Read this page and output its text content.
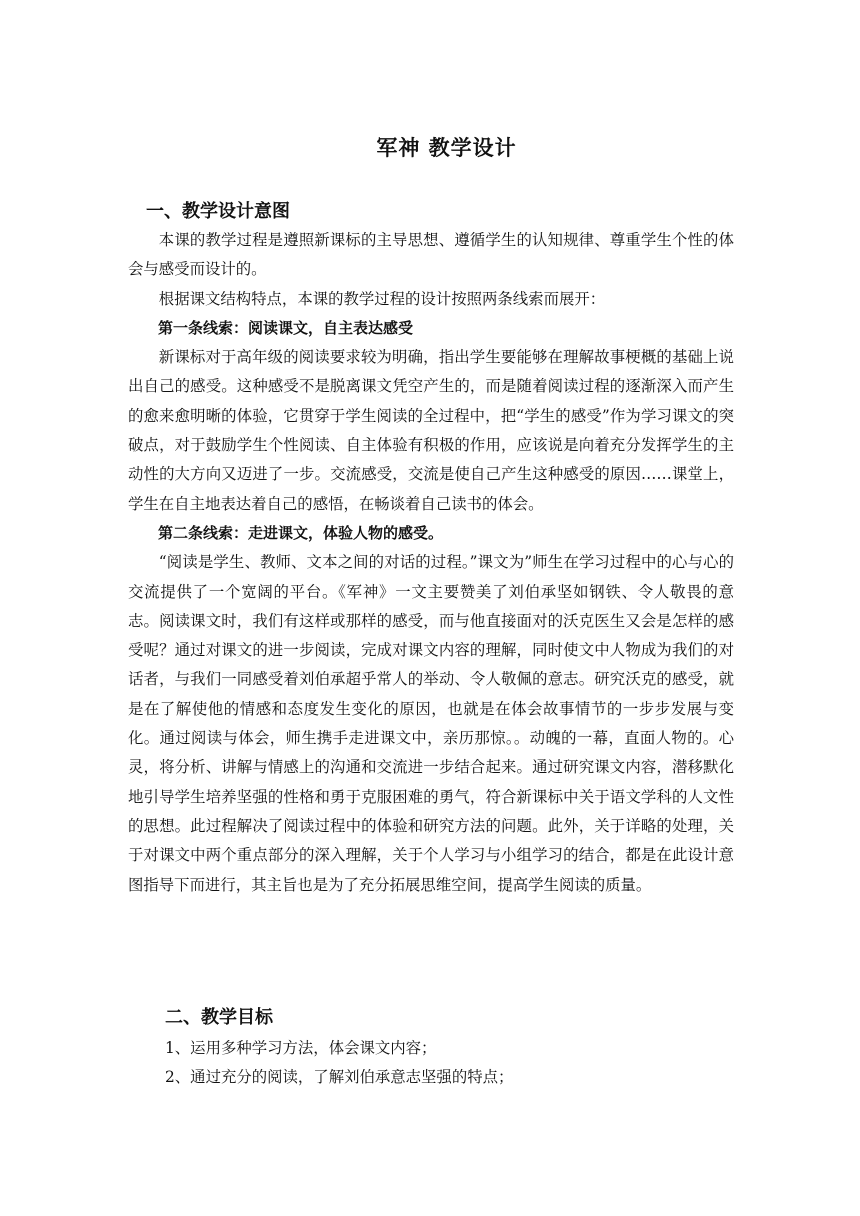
军神 教学设计
一、教学设计意图

本课的教学过程是遵照新课标的主导思想、遵循学生的认知规律、尊重学生个性的体会与感受而设计的。

根据课文结构特点，本课的教学过程的设计按照两条线索而展开：

第一条线索：阅读课文，自主表达感受

新课标对于高年级的阅读要求较为明确，指出学生要能够在理解故事梗概的基础上说出自己的感受。这种感受不是脱离课文凭空产生的，而是随着阅读过程的逐渐深入而产生的愈来愈明晰的体验，它贯穿于学生阅读的全过程中，把“学生的感受”作为学习课文的突破点，对于鼓励学生个性阅读、自主体验有积极的作用，应该说是向着充分发挥学生的主动性的大方向又迈进了一步。交流感受，交流是使自己产生这种感受的原因……课堂上，学生在自主地表达着自己的感悟，在畅谈着自己读书的体会。

第二条线索：走进课文，体验人物的感受。

“阅读是学生、教师、文本之间的对话的过程。”课文为”师生在学习过程中的心与心的交流提供了一个宽阔的平台。《军神》一文主要赞美了刘伯承坚如钢铁、令人敬畏的意志。阅读课文时，我们有这样或那样的感受，而与他直接面对的沃克医生又会是怎样的感受呢？通过对课文的进一步阅读，完成对课文内容的理解，同时使文中人物成为我们的对话者，与我们一同感受着刘伯承超乎常人的举动、令人敬佩的意志。研究沃克的感受，就是在了解使他的情感和态度发生变化的原因，也就是在体会故事情节的一步步发展与变化。通过阅读与体会，师生携手走进课文中，亲历那惊。。动魄的一幕，直面人物的。心灵，将分析、讲解与情感上的沟通和交流进一步结合起来。通过研究课文内容，潜移默化地引导学生培养坚强的性格和勇于克服困难的勇气，符合新课标中关于语文学科的人文性的思想。此过程解决了阅读过程中的体验和研究方法的问题。此外，关于详略的处理，关于对课文中两个重点部分的深入理解，关于个人学习与小组学习的结合，都是在此设计意图指导下而进行，其主旨也是为了充分拓展思维空间，提高学生阅读的质量。

二、教学目标

1、运用多种学习方法，体会课文内容；

2、通过充分的阅读，了解刘伯承意志坚强的特点；
